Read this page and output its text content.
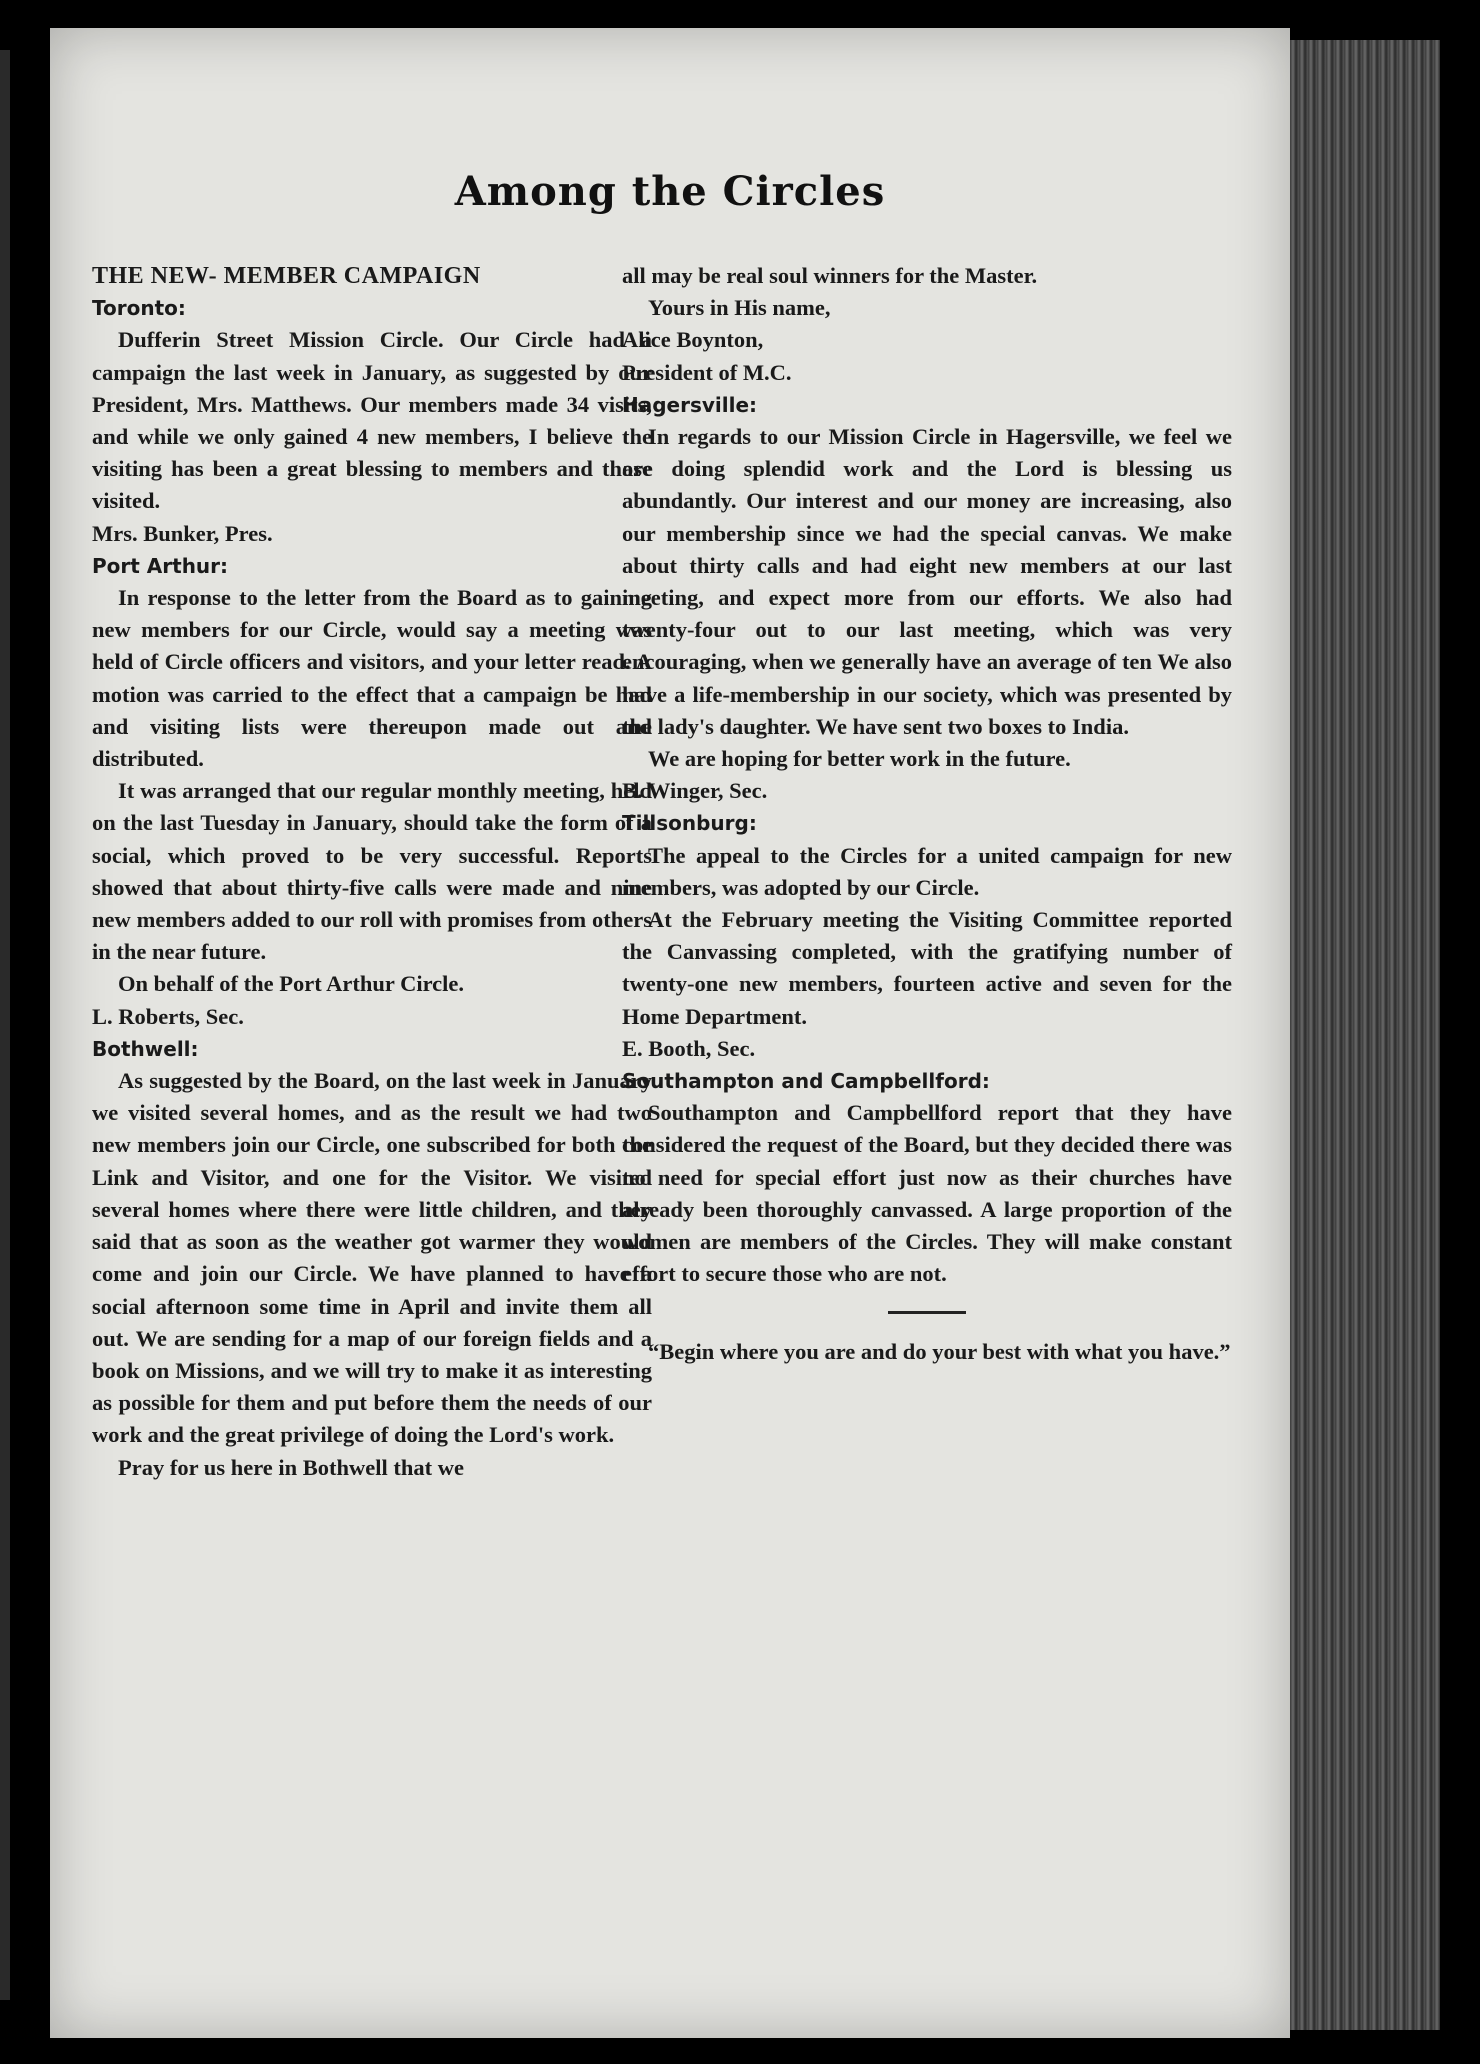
Among the Circles

THE NEW- MEMBER CAMPAIGN

Toronto:

Dufferin Street Mission Circle. Our Circle had a campaign the last week in January, as suggested by our President, Mrs. Matthews. Our members made 34 visits, and while we only gained 4 new members, I believe the visiting has been a great blessing to members and those visited.

Mrs. Bunker, Pres.

Port Arthur:

In response to the letter from the Board as to gaining new members for our Circle, would say a meeting was held of Circle officers and visitors, and your letter read. A motion was carried to the effect that a campaign be had and visiting lists were thereupon made out and distributed.

It was arranged that our regular monthly meeting, held on the last Tuesday in January, should take the form of a social, which proved to be very successful. Reports showed that about thirty-five calls were made and nine new members added to our roll with promises from others in the near future.

On behalf of the Port Arthur Circle.

L. Roberts, Sec.

Bothwell:

As suggested by the Board, on the last week in January we visited several homes, and as the result we had two new members join our Circle, one subscribed for both the Link and Visitor, and one for the Visitor. We visited several homes where there were little children, and they said that as soon as the weather got warmer they would come and join our Circle. We have planned to have a social afternoon some time in April and invite them all out. We are sending for a map of our foreign fields and a book on Missions, and we will try to make it as interesting as possible for them and put before them the needs of our work and the great privilege of doing the Lord's work.

Pray for us here in Bothwell that we

all may be real soul winners for the Master.

Yours in His name,

Alice Boynton,

President of M.C.

Hagersville:

In regards to our Mission Circle in Hagersville, we feel we are doing splendid work and the Lord is blessing us abundantly. Our interest and our money are increasing, also our membership since we had the special canvas. We make about thirty calls and had eight new members at our last meeting, and expect more from our efforts. We also had twenty-four out to our last meeting, which was very encouraging, when we generally have an average of ten We also have a life-membership in our society, which was presented by the lady's daughter. We have sent two boxes to India.

We are hoping for better work in the future.

B. Winger, Sec.

Tillsonburg:

The appeal to the Circles for a united campaign for new members, was adopted by our Circle.

At the February meeting the Visiting Committee reported the Canvassing completed, with the gratifying number of twenty-one new members, fourteen active and seven for the Home Department.

E. Booth, Sec.

Southampton and Campbellford:

Southampton and Campbellford report that they have considered the request of the Board, but they decided there was no need for special effort just now as their churches have already been thoroughly canvassed. A large proportion of the women are members of the Circles. They will make constant effort to secure those who are not.

“Begin where you are and do your best with what you have.”
